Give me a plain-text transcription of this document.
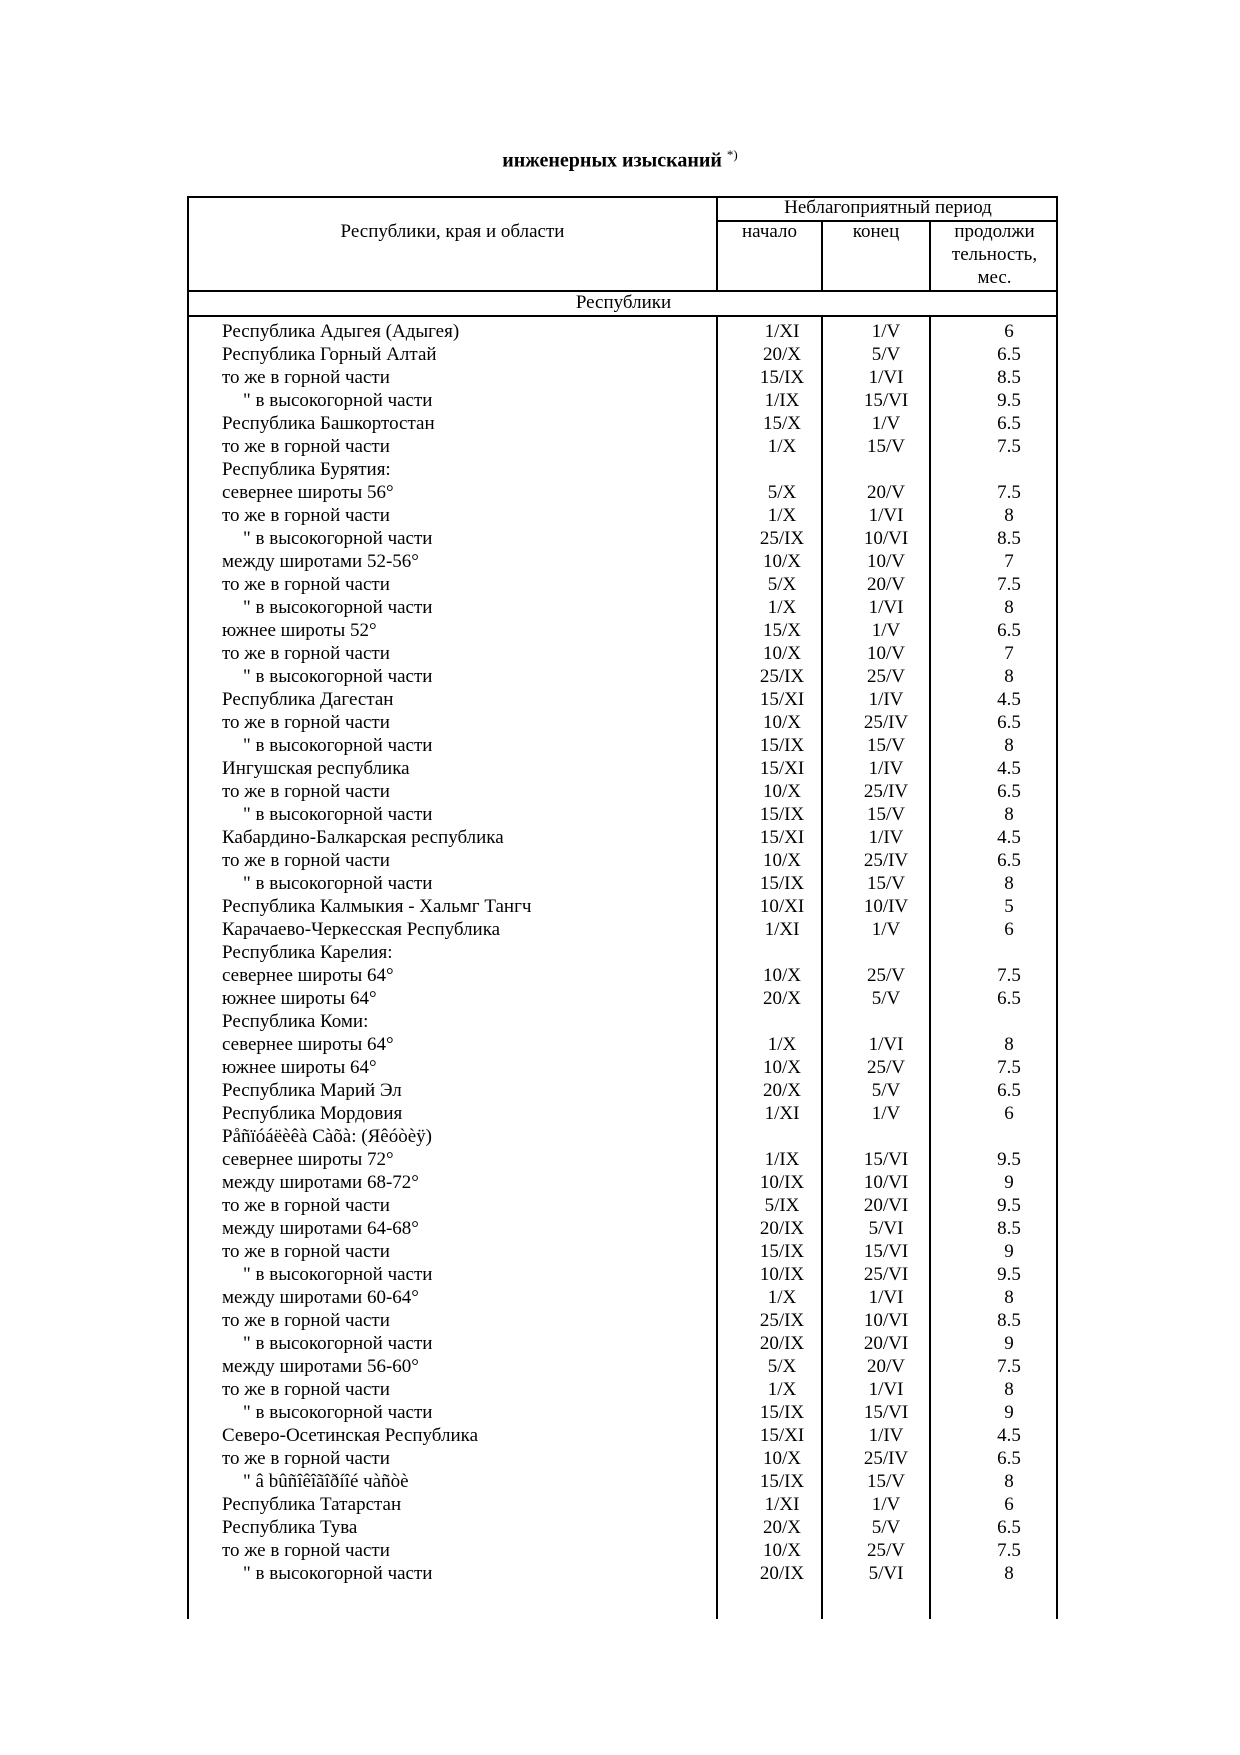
инженерных изысканий *)
Республики, края и области
Неблагоприятный период
начало	конец	продолжи
тельность,
мес.
Республики
Республика Адыгея (Адыгея)	1/XI	1/V	6
Республика Горный Алтай	20/X	5/V	6.5
то же в горной части	15/IX	1/VI	8.5
" в высокогорной части	1/IX	15/VI	9.5
Республика Башкортостан	15/X	1/V	6.5
то же в горной части	1/X	15/V	7.5
Республика Бурятия:
севернее широты 56°	5/X	20/V	7.5
то же в горной части	1/X	1/VI	8
" в высокогорной части	25/IX	10/VI	8.5
между широтами 52-56°	10/X	10/V	7
то же в горной части	5/X	20/V	7.5
" в высокогорной части	1/X	1/VI	8
южнее широты 52°	15/X	1/V	6.5
то же в горной части	10/X	10/V	7
" в высокогорной части	25/IX	25/V	8
Республика Дагестан	15/XI	1/IV	4.5
то же в горной части	10/X	25/IV	6.5
" в высокогорной части	15/IX	15/V	8
Ингушская республика	15/XI	1/IV	4.5
то же в горной части	10/X	25/IV	6.5
" в высокогорной части	15/IX	15/V	8
Кабардино-Балкарская республика	15/XI	1/IV	4.5
то же в горной части	10/X	25/IV	6.5
" в высокогорной части	15/IX	15/V	8
Республика Калмыкия - Хальмг Тангч	10/XI	10/IV	5
Карачаево-Черкесская Республика	1/XI	1/V	6
Республика Карелия:
севернее широты 64°	10/X	25/V	7.5
южнее широты 64°	20/X	5/V	6.5
Республика Коми:
севернее широты 64°	1/X	1/VI	8
южнее широты 64°	10/X	25/V	7.5
Республика Марий Эл	20/X	5/V	6.5
Республика Мордовия	1/XI	1/V	6
Påñïóáëèêà Càõà: (Яêóòèÿ)
севернее широты 72°	1/IX	15/VI	9.5
между широтами 68-72°	10/IX	10/VI	9
то же в горной части	5/IX	20/VI	9.5
между широтами 64-68°	20/IX	5/VI	8.5
то же в горной части	15/IX	15/VI	9
" в высокогорной части	10/IX	25/VI	9.5
между широтами 60-64°	1/X	1/VI	8
то же в горной части	25/IX	10/VI	8.5
" в высокогорной части	20/IX	20/VI	9
между широтами 56-60°	5/X	20/V	7.5
то же в горной части	1/X	1/VI	8
" в высокогорной части	15/IX	15/VI	9
Северо-Осетинская Республика	15/XI	1/IV	4.5
то же в горной части	10/X	25/IV	6.5
" â bûñîêîãîðíîé чàñòè	15/IX	15/V	8
Республика Татарстан	1/XI	1/V	6
Республика Тува	20/X	5/V	6.5
то же в горной части	10/X	25/V	7.5
" в высокогорной части	20/IX	5/VI	8
